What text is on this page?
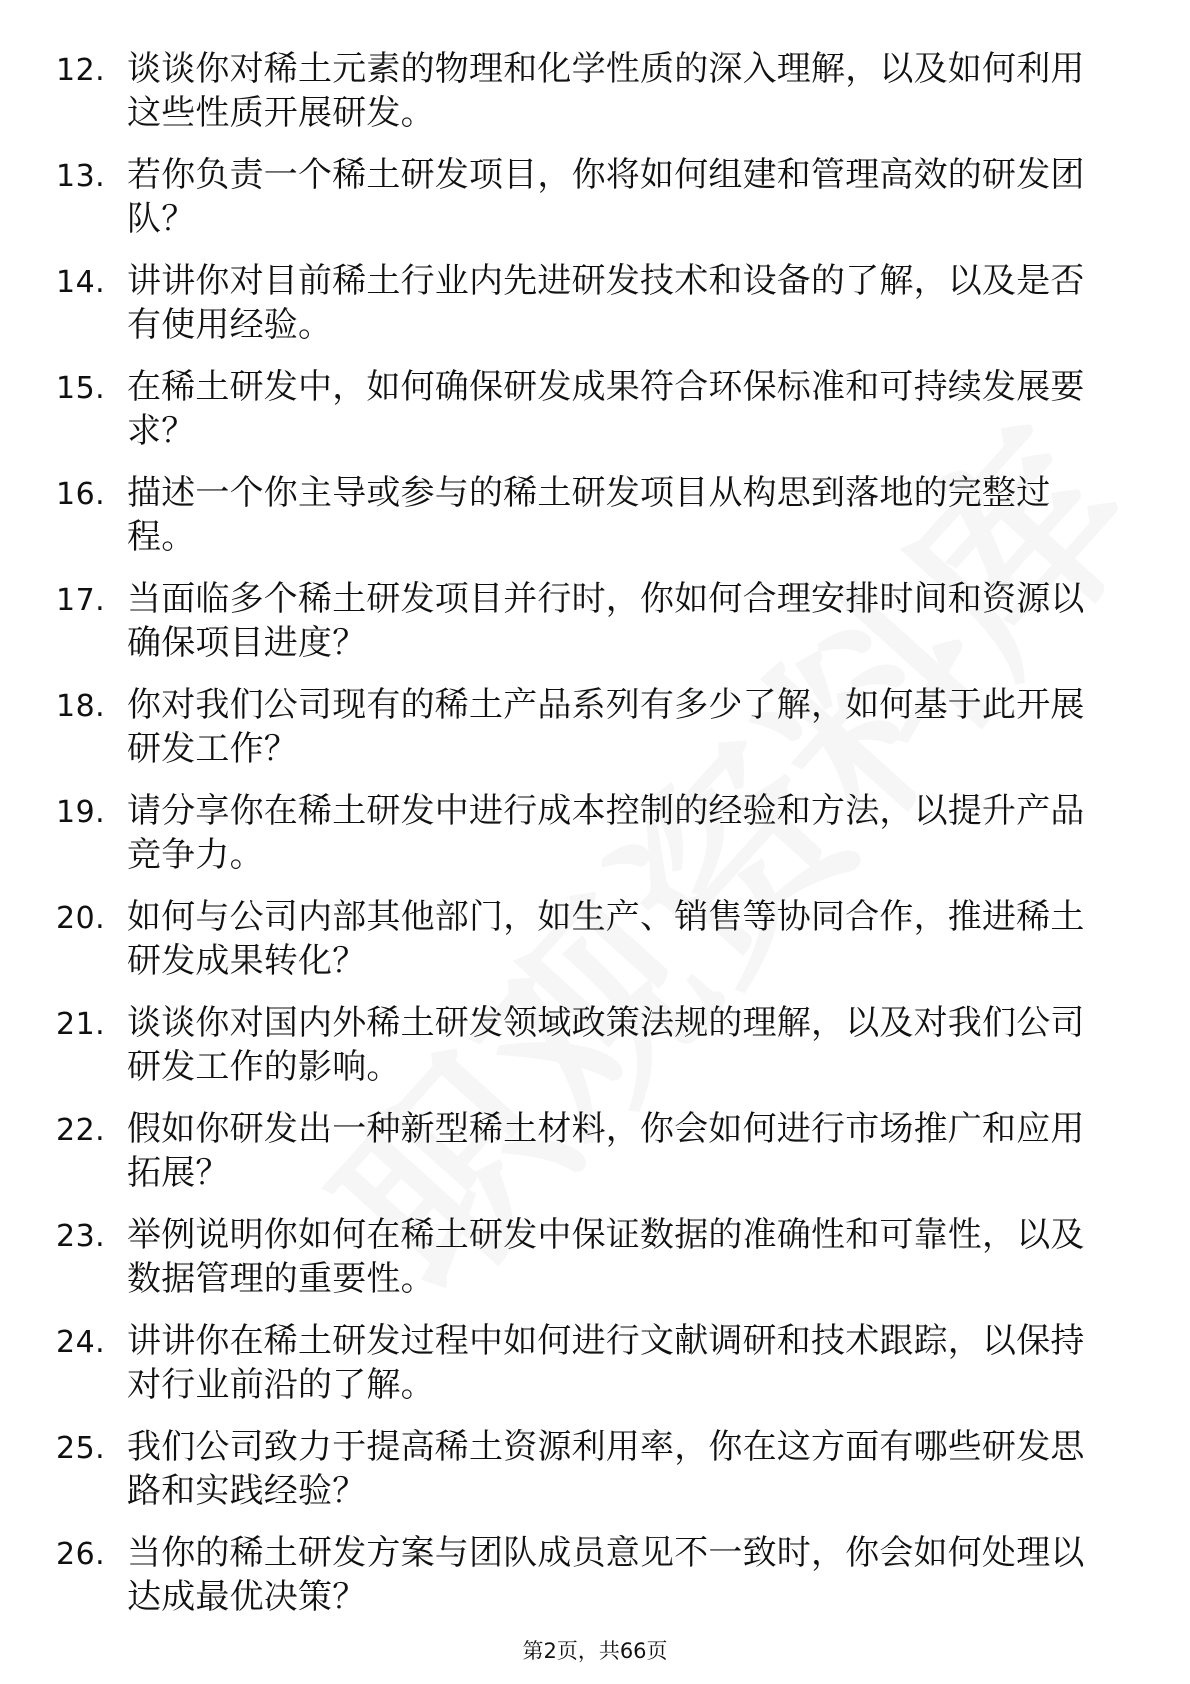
12. 谈谈你对稀土元素的物理和化学性质的深入理解，以及如何利用这些性质开展研发。
13. 若你负责一个稀土研发项目，你将如何组建和管理高效的研发团队？
14. 讲讲你对目前稀土行业内先进研发技术和设备的了解，以及是否有使用经验。
15. 在稀土研发中，如何确保研发成果符合环保标准和可持续发展要求？
16. 描述一个你主导或参与的稀土研发项目从构思到落地的完整过程。
17. 当面临多个稀土研发项目并行时，你如何合理安排时间和资源以确保项目进度？
18. 你对我们公司现有的稀土产品系列有多少了解，如何基于此开展研发工作？
19. 请分享你在稀土研发中进行成本控制的经验和方法，以提升产品竞争力。
20. 如何与公司内部其他部门，如生产、销售等协同合作，推进稀土研发成果转化？
21. 谈谈你对国内外稀土研发领域政策法规的理解，以及对我们公司研发工作的影响。
22. 假如你研发出一种新型稀土材料，你会如何进行市场推广和应用拓展？
23. 举例说明你如何在稀土研发中保证数据的准确性和可靠性，以及数据管理的重要性。
24. 讲讲你在稀土研发过程中如何进行文献调研和技术跟踪，以保持对行业前沿的了解。
25. 我们公司致力于提高稀土资源利用率，你在这方面有哪些研发思路和实践经验？
26. 当你的稀土研发方案与团队成员意见不一致时，你会如何处理以达成最优决策？
第2页，共66页
